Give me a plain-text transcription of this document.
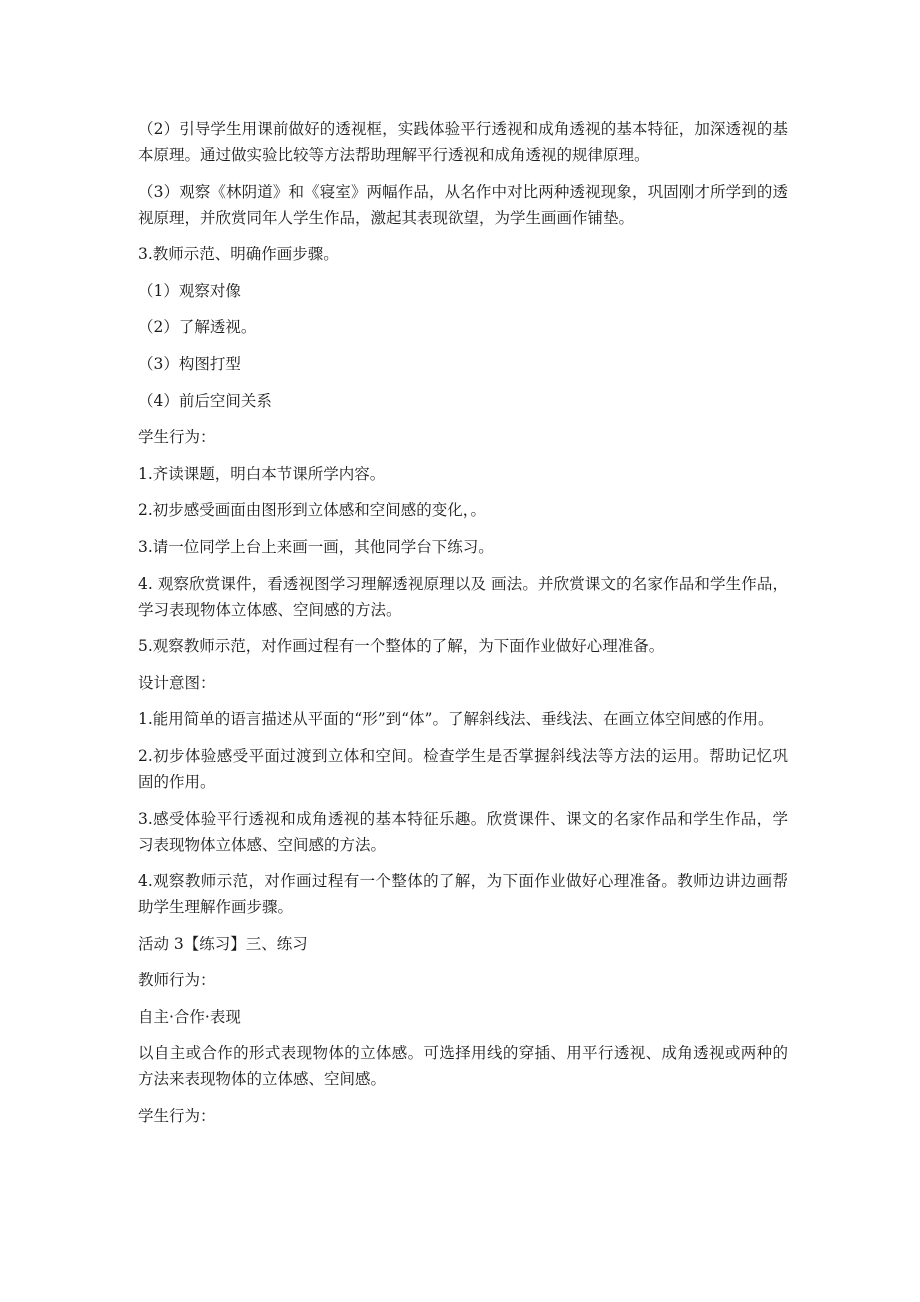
（2）引导学生用课前做好的透视框，实践体验平行透视和成角透视的基本特征，加深透视的基本原理。通过做实验比较等方法帮助理解平行透视和成角透视的规律原理。

（3）观察《林阴道》和《寝室》两幅作品，从名作中对比两种透视现象，巩固刚才所学到的透视原理，并欣赏同年人学生作品，激起其表现欲望，为学生画画作铺垫。

3.教师示范、明确作画步骤。

（1）观察对像

（2）了解透视。

（3）构图打型

（4）前后空间关系

学生行为：

1.齐读课题，明白本节课所学内容。

2.初步感受画面由图形到立体感和空间感的变化，。

3.请一位同学上台上来画一画，其他同学台下练习。

4. 观察欣赏课件，看透视图学习理解透视原理以及 画法。并欣赏课文的名家作品和学生作品，学习表现物体立体感、空间感的方法。

5.观察教师示范，对作画过程有一个整体的了解，为下面作业做好心理准备。

设计意图：

1.能用简单的语言描述从平面的“形”到“体”。了解斜线法、垂线法、在画立体空间感的作用。

2.初步体验感受平面过渡到立体和空间。检查学生是否掌握斜线法等方法的运用。帮助记忆巩固的作用。

3.感受体验平行透视和成角透视的基本特征乐趣。欣赏课件、课文的名家作品和学生作品，学习表现物体立体感、空间感的方法。

4.观察教师示范，对作画过程有一个整体的了解，为下面作业做好心理准备。教师边讲边画帮助学生理解作画步骤。

活动 3【练习】三、练习

教师行为：

自主·合作·表现

以自主或合作的形式表现物体的立体感。可选择用线的穿插、用平行透视、成角透视或两种的方法来表现物体的立体感、空间感。

学生行为：
